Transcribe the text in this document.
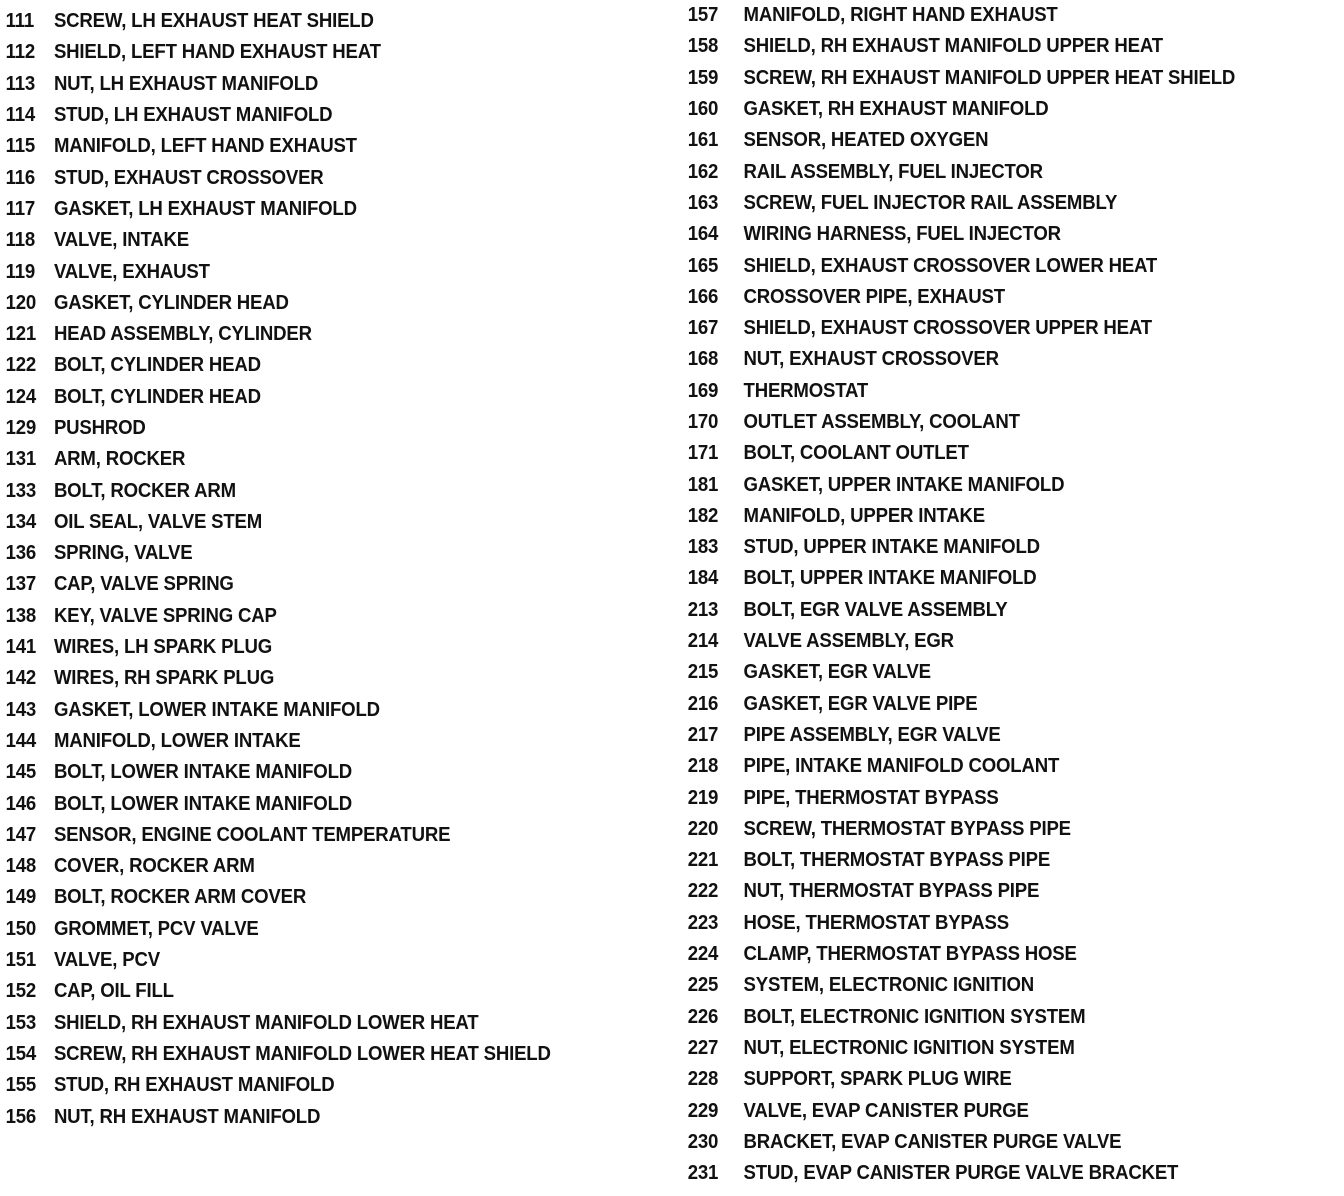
111 SCREW, LH EXHAUST HEAT SHIELD
112 SHIELD, LEFT HAND EXHAUST HEAT
113 NUT, LH EXHAUST MANIFOLD
114 STUD, LH EXHAUST MANIFOLD
115 MANIFOLD, LEFT HAND EXHAUST
116 STUD, EXHAUST CROSSOVER
117 GASKET, LH EXHAUST MANIFOLD
118 VALVE, INTAKE
119 VALVE, EXHAUST
120 GASKET, CYLINDER HEAD
121 HEAD ASSEMBLY, CYLINDER
122 BOLT, CYLINDER HEAD
124 BOLT, CYLINDER HEAD
129 PUSHROD
131 ARM, ROCKER
133 BOLT, ROCKER ARM
134 OIL SEAL, VALVE STEM
136 SPRING, VALVE
137 CAP, VALVE SPRING
138 KEY, VALVE SPRING CAP
141 WIRES, LH SPARK PLUG
142 WIRES, RH SPARK PLUG
143 GASKET, LOWER INTAKE MANIFOLD
144 MANIFOLD, LOWER INTAKE
145 BOLT, LOWER INTAKE MANIFOLD
146 BOLT, LOWER INTAKE MANIFOLD
147 SENSOR, ENGINE COOLANT TEMPERATURE
148 COVER, ROCKER ARM
149 BOLT, ROCKER ARM COVER
150 GROMMET, PCV VALVE
151 VALVE, PCV
152 CAP, OIL FILL
153 SHIELD, RH EXHAUST MANIFOLD LOWER HEAT
154 SCREW, RH EXHAUST MANIFOLD LOWER HEAT SHIELD
155 STUD, RH EXHAUST MANIFOLD
156 NUT, RH EXHAUST MANIFOLD
157	MANIFOLD, RIGHT HAND EXHAUST
158	SHIELD, RH EXHAUST MANIFOLD UPPER HEAT
159	SCREW, RH EXHAUST MANIFOLD UPPER HEAT SHIELD
160	GASKET, RH EXHAUST MANIFOLD
161	SENSOR, HEATED OXYGEN
162	RAIL ASSEMBLY, FUEL INJECTOR
163	SCREW, FUEL INJECTOR RAIL ASSEMBLY
164	WIRING HARNESS, FUEL INJECTOR
165	SHIELD, EXHAUST CROSSOVER LOWER HEAT
166	CROSSOVER PIPE, EXHAUST
167	SHIELD, EXHAUST CROSSOVER UPPER HEAT
168	NUT, EXHAUST CROSSOVER
169	THERMOSTAT
170	OUTLET ASSEMBLY, COOLANT
171	BOLT, COOLANT OUTLET
181	GASKET, UPPER INTAKE MANIFOLD
182	MANIFOLD, UPPER INTAKE
183	STUD, UPPER INTAKE MANIFOLD
184	BOLT, UPPER INTAKE MANIFOLD
213	BOLT, EGR VALVE ASSEMBLY
214	VALVE ASSEMBLY, EGR
215	GASKET, EGR VALVE
216	GASKET, EGR VALVE PIPE
217	PIPE ASSEMBLY, EGR VALVE
218	PIPE, INTAKE MANIFOLD COOLANT
219	PIPE, THERMOSTAT BYPASS
220	SCREW, THERMOSTAT BYPASS PIPE
221	BOLT, THERMOSTAT BYPASS PIPE
222	NUT, THERMOSTAT BYPASS PIPE
223	HOSE, THERMOSTAT BYPASS
224	CLAMP, THERMOSTAT BYPASS HOSE
225	SYSTEM, ELECTRONIC IGNITION
226	BOLT, ELECTRONIC IGNITION SYSTEM
227	NUT, ELECTRONIC IGNITION SYSTEM
228	SUPPORT, SPARK PLUG WIRE
229	VALVE, EVAP CANISTER PURGE
230	BRACKET, EVAP CANISTER PURGE VALVE
231	STUD, EVAP CANISTER PURGE VALVE BRACKET
